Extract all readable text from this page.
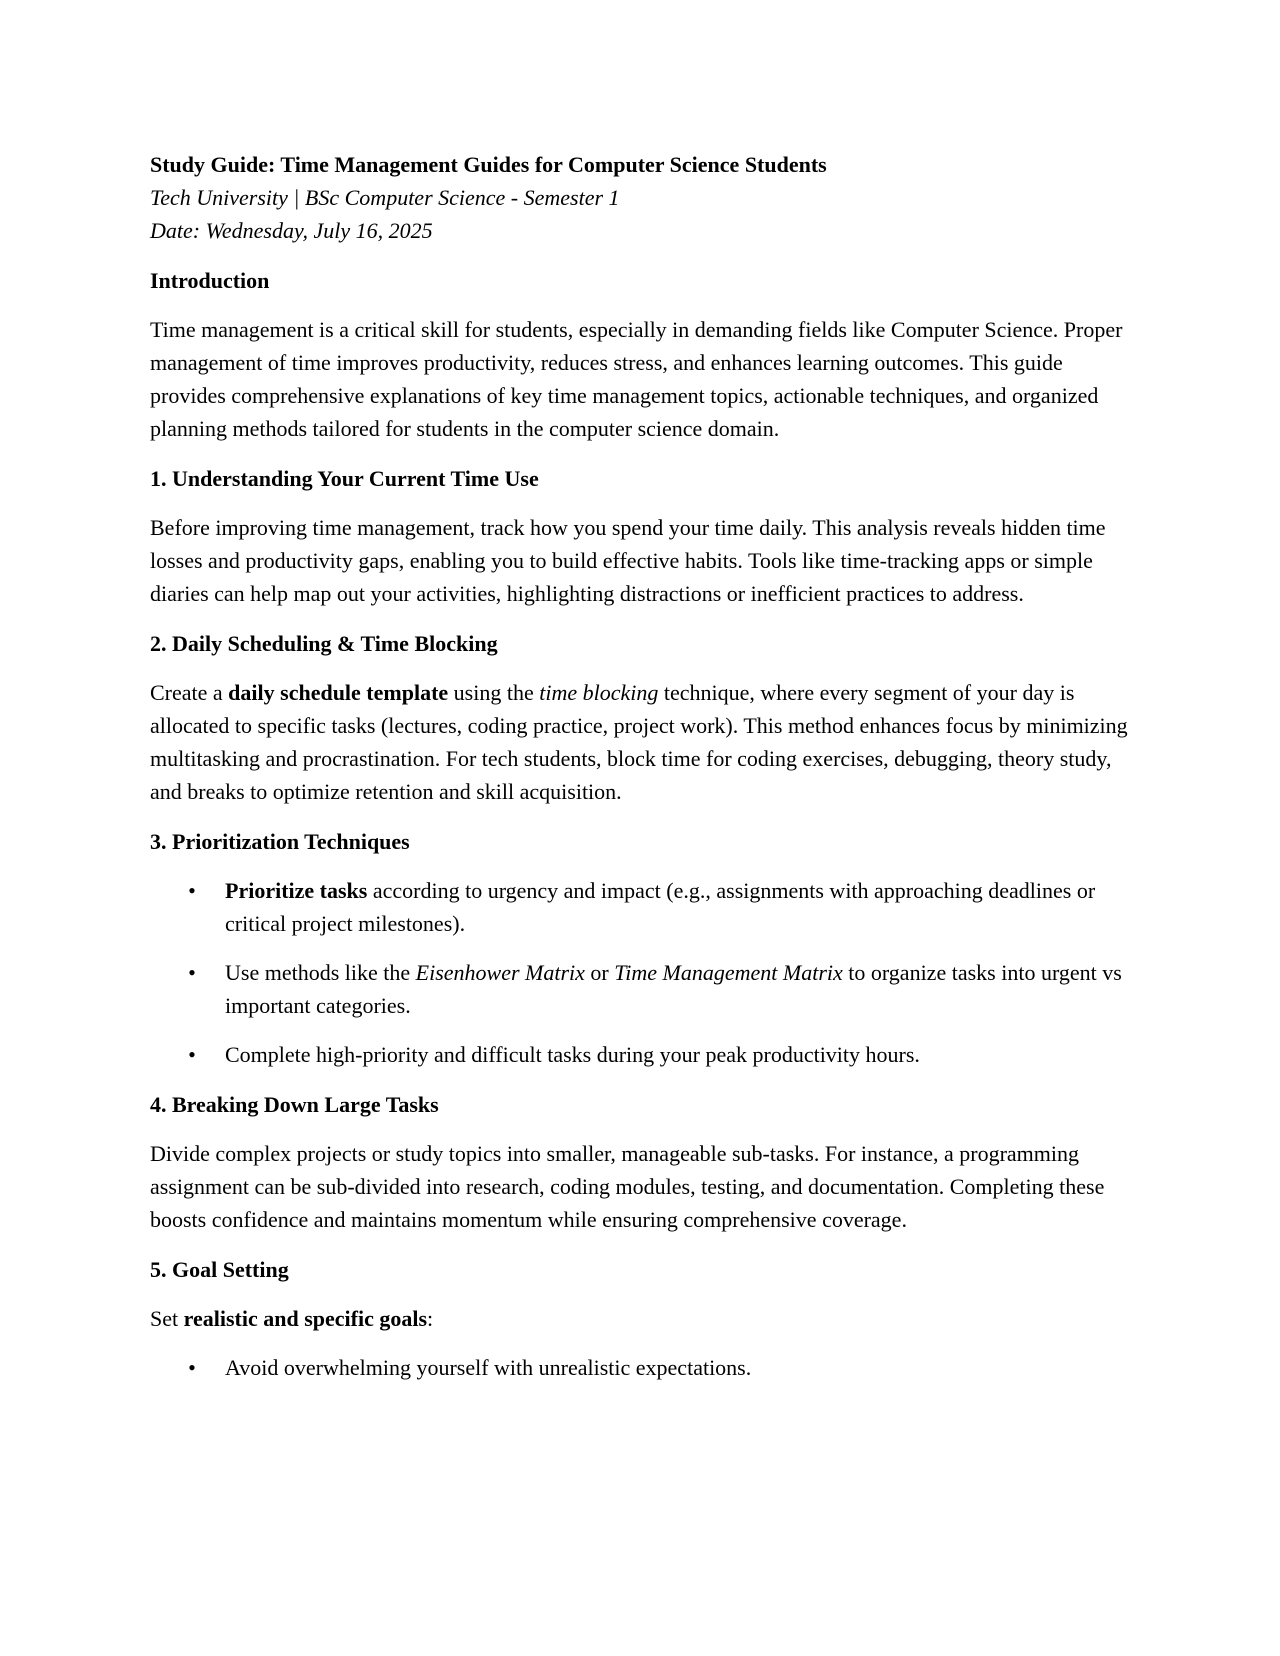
Study Guide: Time Management Guides for Computer Science Students
Tech University | BSc Computer Science - Semester 1
Date: Wednesday, July 16, 2025
Introduction

Time management is a critical skill for students, especially in demanding fields like Computer Science. Proper management of time improves productivity, reduces stress, and enhances learning outcomes. This guide provides comprehensive explanations of key time management topics, actionable techniques, and organized planning methods tailored for students in the computer science domain.

1. Understanding Your Current Time Use

Before improving time management, track how you spend your time daily. This analysis reveals hidden time losses and productivity gaps, enabling you to build effective habits. Tools like time-tracking apps or simple diaries can help map out your activities, highlighting distractions or inefficient practices to address.

2. Daily Scheduling & Time Blocking

Create a daily schedule template using the time blocking technique, where every segment of your day is allocated to specific tasks (lectures, coding practice, project work). This method enhances focus by minimizing multitasking and procrastination. For tech students, block time for coding exercises, debugging, theory study, and breaks to optimize retention and skill acquisition.

3. Prioritization Techniques
• Prioritize tasks according to urgency and impact (e.g., assignments with approaching deadlines or critical project milestones).
• Use methods like the Eisenhower Matrix or Time Management Matrix to organize tasks into urgent vs important categories.
• Complete high-priority and difficult tasks during your peak productivity hours.
4. Breaking Down Large Tasks

Divide complex projects or study topics into smaller, manageable sub-tasks. For instance, a programming assignment can be sub-divided into research, coding modules, testing, and documentation. Completing these boosts confidence and maintains momentum while ensuring comprehensive coverage.

5. Goal Setting

Set realistic and specific goals:

• Avoid overwhelming yourself with unrealistic expectations.
